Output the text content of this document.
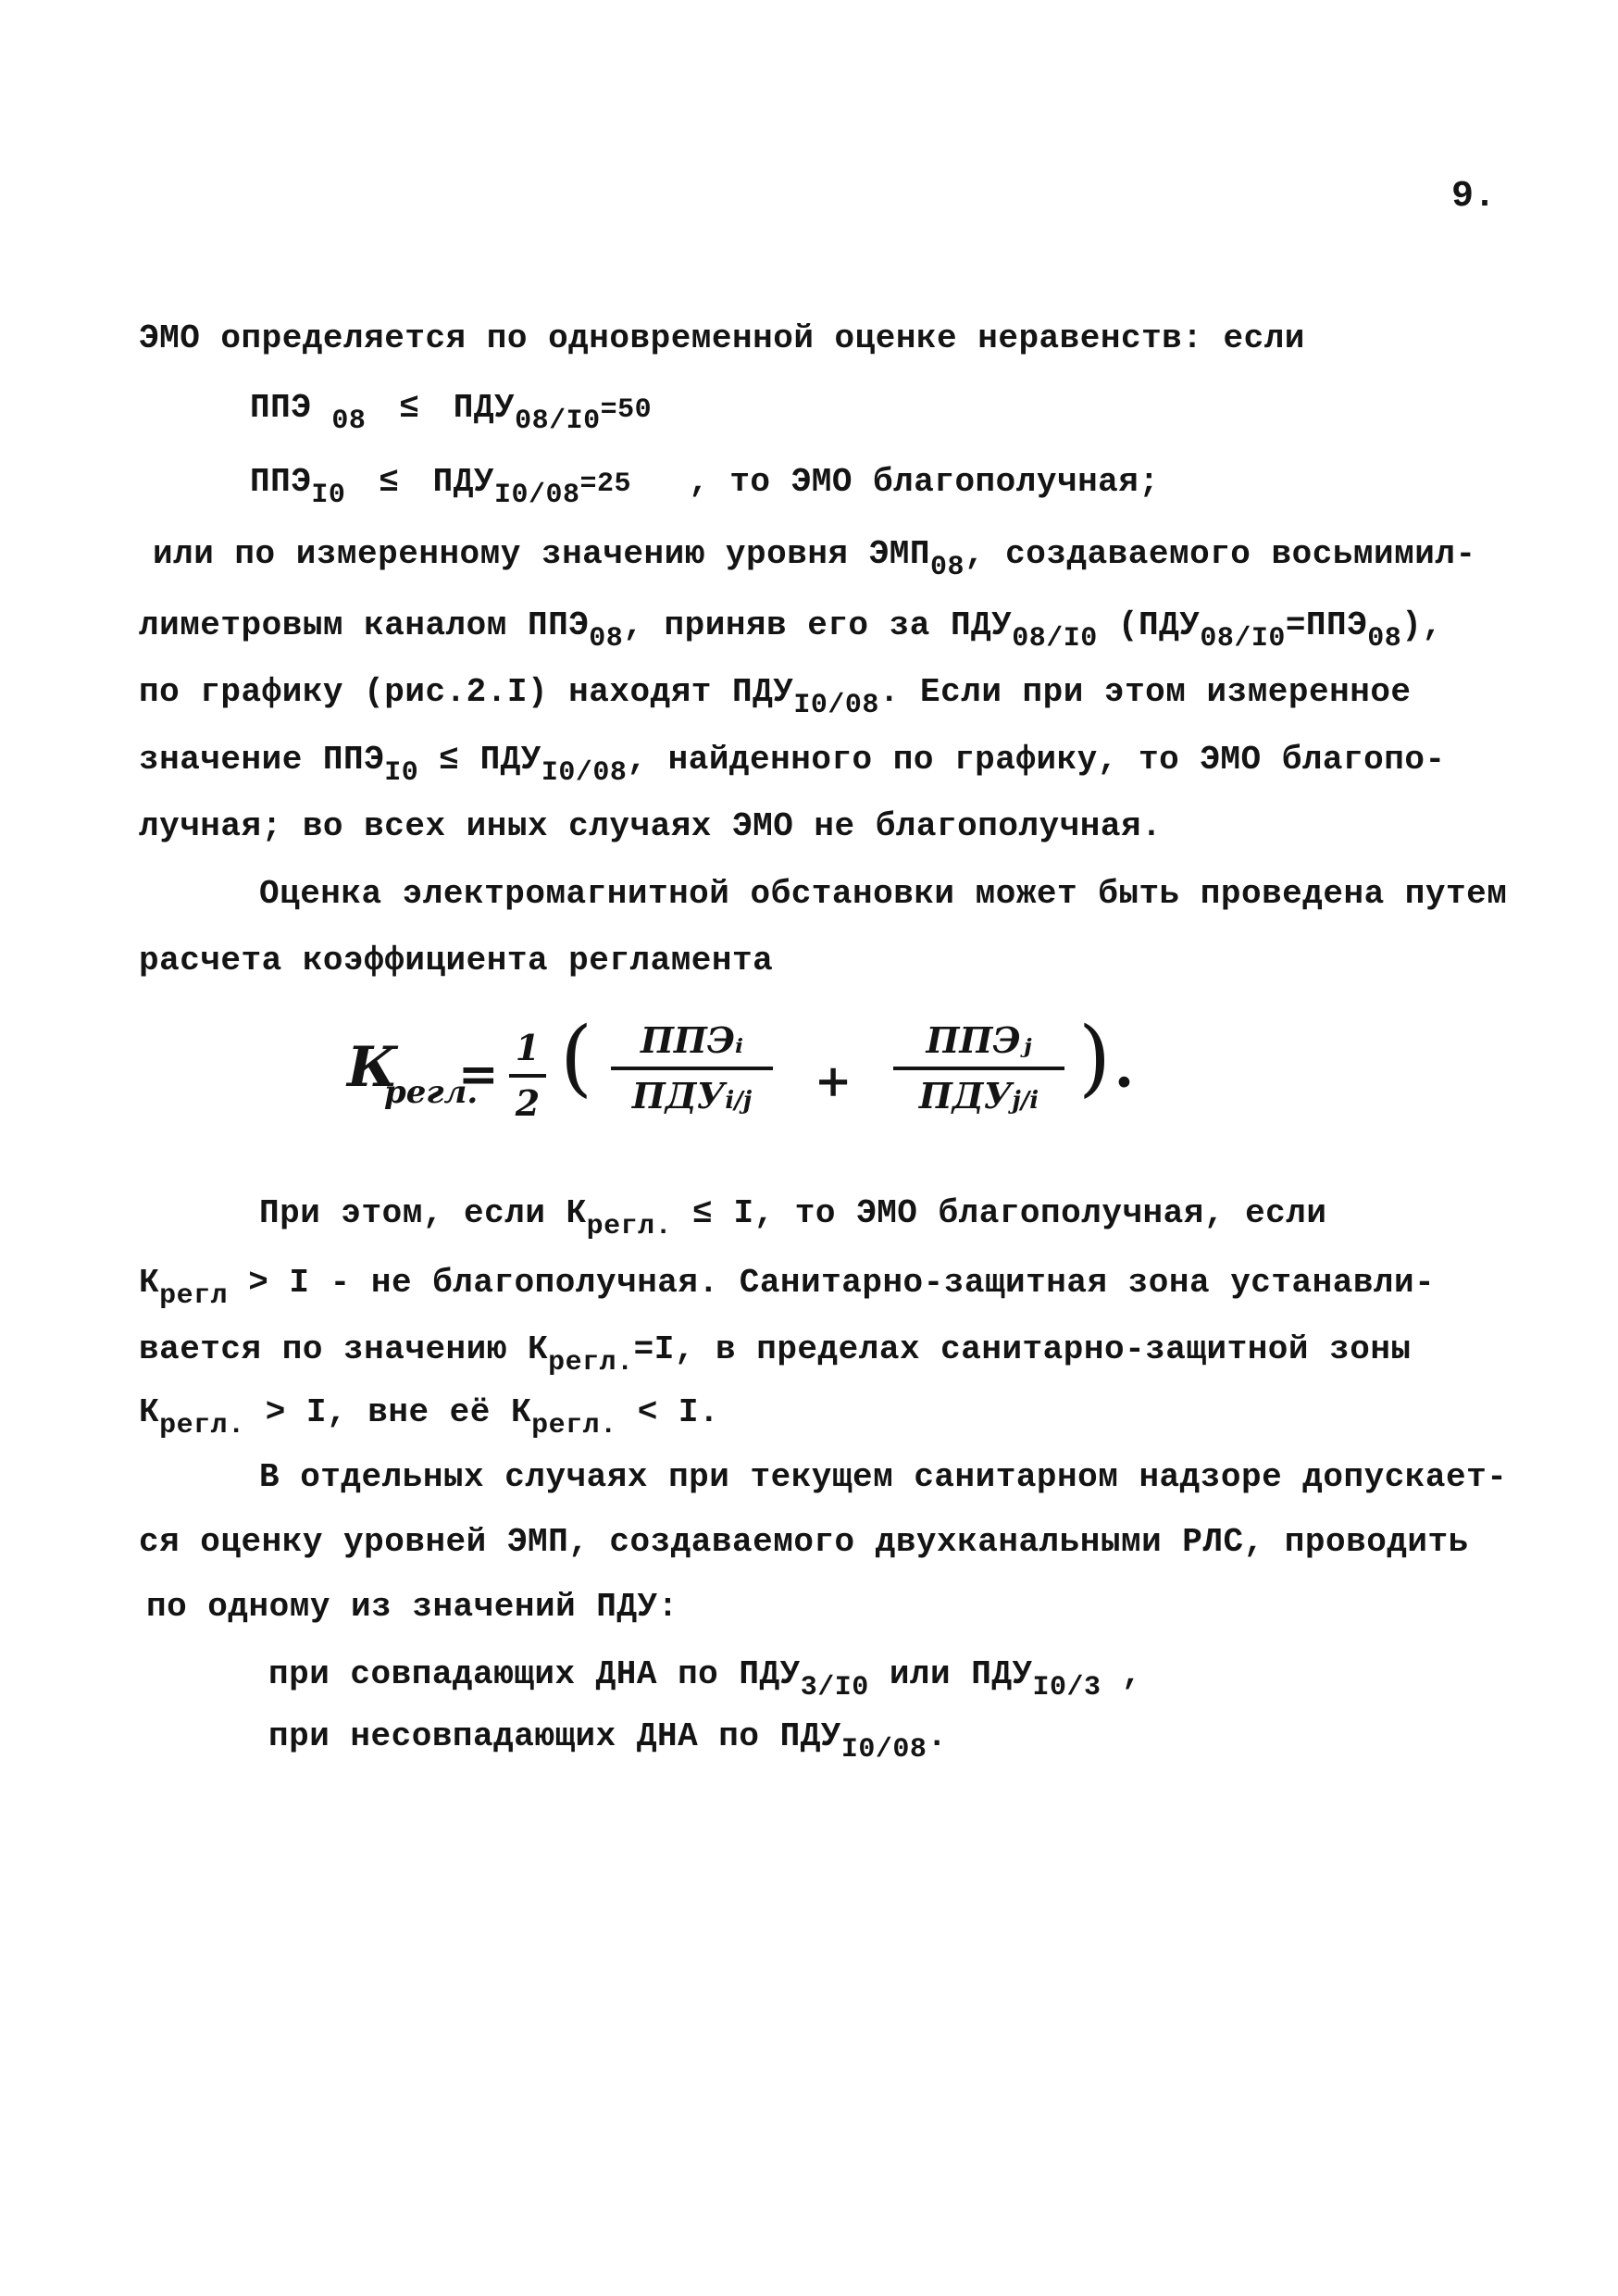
9.
ЭМО определяется по одновременной оценке неравенств: если
ППЭ $_{08} \le ПДУ_{08/I0}=50$
$ППЭ_{I0} \le ПДУ_{I0/08}=25$ , то ЭМО благополучная;
или по измеренному значению уровня $ЭМП_{08}$, создаваемого восьмимил-
лиметровым каналом $ППЭ_{08}$, приняв его за $ПДУ_{08/I0}$ $(ПДУ_{08/I0}=ППЭ_{08})$,
по графику (рис.2.I) находят $ПДУ_{I0/08}$. Если при этом измеренное
значение $ППЭ_{I0} \le ПДУ_{I0/08}$, найденного по графику, то ЭМО благопо-
лучная; во всех иных случаях ЭМО не благополучная.
Оценка электромагнитной обстановки может быть проведена путем
расчета коэффициента регламента
К
регл.
= 1
2 (	ППЭᵢ
ПДУi/j	+
ППЭⱼ
ПДУj/i ).
При этом, если $К_{регл.} \le I$, то ЭМО благополучная, если
$К_{регл} > I$ - не благополучная. Санитарно-защитная зона устанавли-
вается по значению $К_{регл.}=I$, в пределах санитарно-защитной зоны
$К_{регл.} > I$, вне её $К_{регл.} < I$.
В отдельных случаях при текущем санитарном надзоре допускает-
ся оценку уровней ЭМП, создаваемого двухканальными РЛС, проводить
по одному из значений ПДУ:
при совпадающих ДНА по $ПДУ_{3/I0}$ или $ПДУ_{I0/3}$ ,
при несовпадающих ДНА по $ПДУ_{I0/08}$.
